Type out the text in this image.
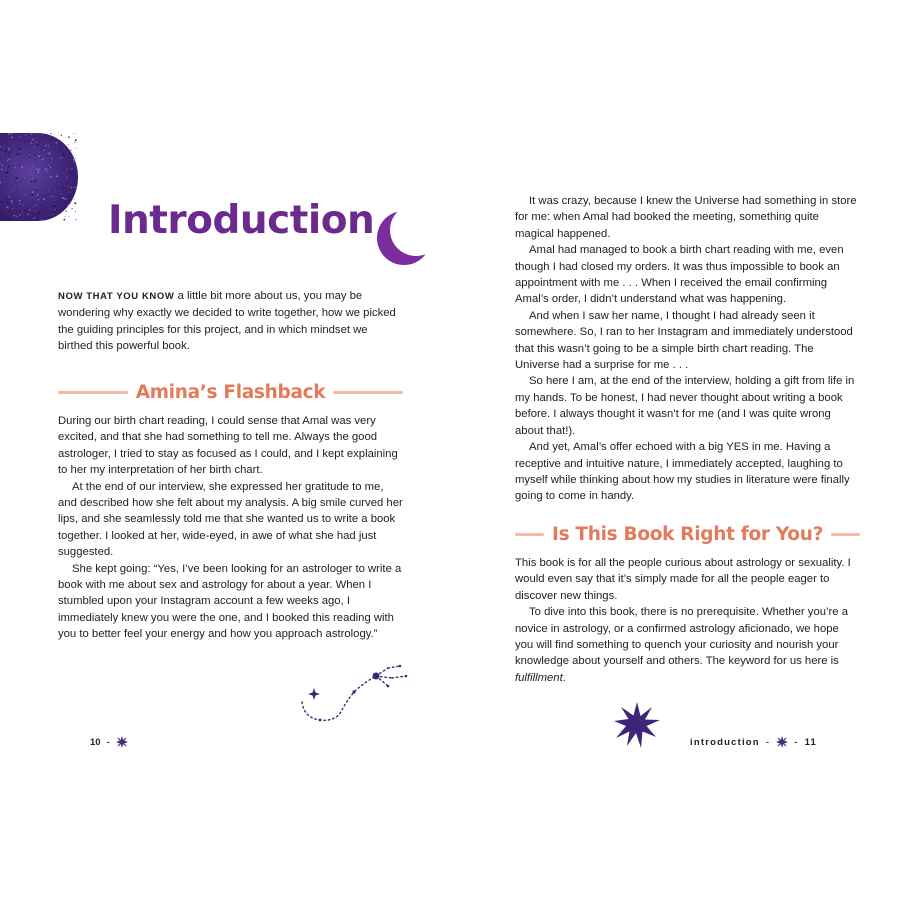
Introduction

NOW THAT YOU KNOW a little bit more about us, you may be wondering why exactly we decided to write together, how we picked the guiding principles for this project, and in which mindset we birthed this powerful book.

Amina’s Flashback

During our birth chart reading, I could sense that Amal was very excited, and that she had something to tell me. Always the good astrologer, I tried to stay as focused as I could, and I kept explaining to her my interpretation of her birth chart.

At the end of our interview, she expressed her gratitude to me, and described how she felt about my analysis. A big smile curved her lips, and she seamlessly told me that she wanted us to write a book together. I looked at her, wide-eyed, in awe of what she had just suggested.

She kept going: “Yes, I’ve been looking for an astrologer to write a book with me about sex and astrology for about a year. When I stumbled upon your Instagram account a few weeks ago, I immediately knew you were the one, and I booked this reading with you to better feel your energy and how you approach astrology.”

10 -

It was crazy, because I knew the Universe had something in store for me: when Amal had booked the meeting, something quite magical happened.

Amal had managed to book a birth chart reading with me, even though I had closed my orders. It was thus impossible to book an appointment with me . . . When I received the email confirming Amal’s order, I didn’t understand what was happening.

And when I saw her name, I thought I had already seen it somewhere. So, I ran to her Instagram and immediately understood that this wasn’t going to be a simple birth chart reading. The Universe had a surprise for me . . .

So here I am, at the end of the interview, holding a gift from life in my hands. To be honest, I had never thought about writing a book before. I always thought it wasn’t for me (and I was quite wrong about that!).

And yet, Amal’s offer echoed with a big YES in me. Having a receptive and intuitive nature, I immediately accepted, laughing to myself while thinking about how my studies in literature were finally going to come in handy.

Is This Book Right for You?

This book is for all the people curious about astrology or sexuality. I would even say that it’s simply made for all the people eager to discover new things.

To dive into this book, there is no prerequisite. Whether you’re a novice in astrology, or a confirmed astrology aficionado, we hope you will find something to quench your curiosity and nourish your knowledge about yourself and others. The keyword for us here is fulfillment.

introduction -	- 11
